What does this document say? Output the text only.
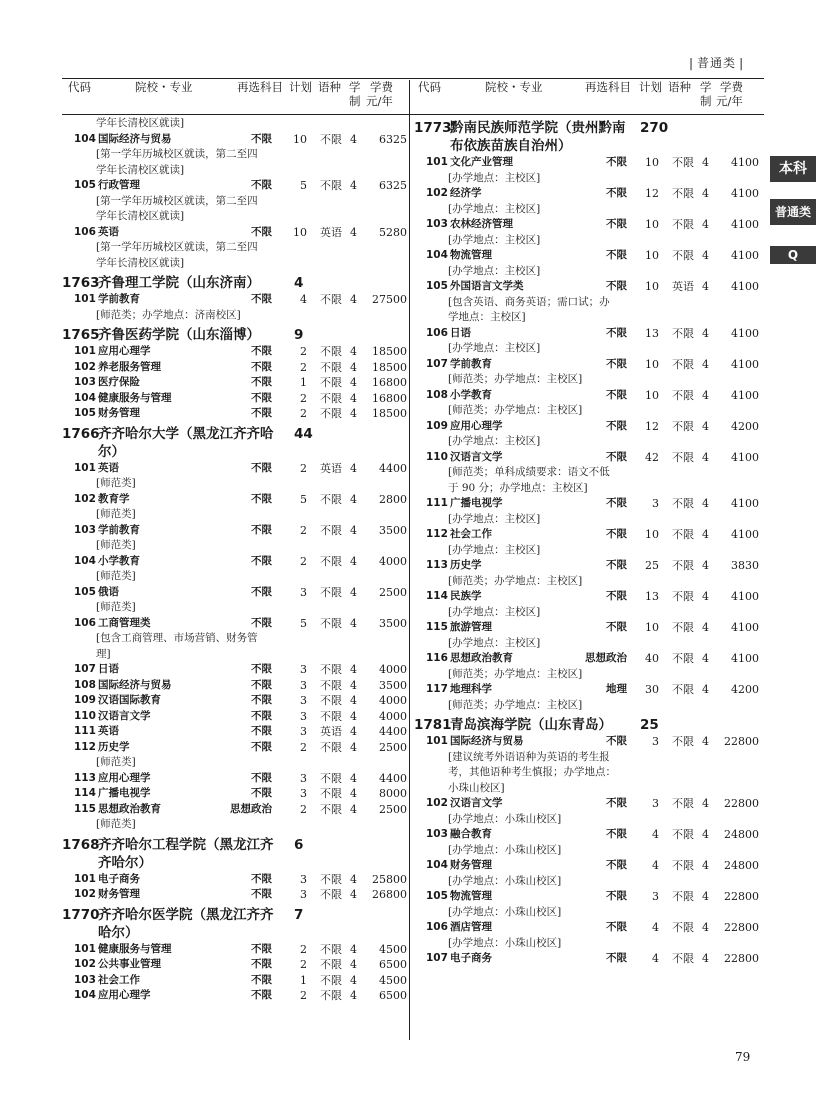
| 普通类 |
代码	院校・专业	再选科目 计划 语种 学
制
学费
元/年
代码	院校・专业	再选科目 计划 语种 学
制
学费
元/年
学年长清校区就读]
104 国际经济与贸易	不限	10 不限 4	6325
[第一学年历城校区就读，第二至四
学年长清校区就读]
105 行政管理	不限	5 不限 4	6325
[第一学年历城校区就读，第二至四
学年长清校区就读]
106 英语	不限	10 英语 4	5280
[第一学年历城校区就读，第二至四
学年长清校区就读]
1763
齐鲁理工学院（山东济南）	4
101 学前教育	不限	4 不限 4	27500
[师范类；办学地点：济南校区]
1765
齐鲁医药学院（山东淄博）	9
101 应用心理学	不限	2 不限 4	18500
102 养老服务管理	不限	2 不限 4	18500
103 医疗保险	不限	1 不限 4	16800
104 健康服务与管理	不限	2 不限 4	16800
105 财务管理	不限	2 不限 4	18500
1766
齐齐哈尔大学（黑龙江齐齐哈
尔）
44
101 英语	不限	2 英语 4	4400
[师范类]
102 教育学	不限	5 不限 4	2800
[师范类]
103 学前教育	不限	2 不限 4	3500
[师范类]
104 小学教育	不限	2 不限 4	4000
[师范类]
105 俄语	不限	3 不限 4	2500
[师范类]
106 工商管理类	不限	5 不限 4	3500
[包含工商管理、市场营销、财务管
理]
107 日语	不限	3 不限 4	4000
108 国际经济与贸易	不限	3 不限 4	3500
109 汉语国际教育	不限	3 不限 4	4000
110 汉语言文学	不限	3 不限 4	4000
111 英语	不限	3 英语 4	4400
112 历史学	不限	2 不限 4	2500
[师范类]
113 应用心理学	不限	3 不限 4	4400
114 广播电视学	不限	3 不限 4	8000
115 思想政治教育	思想政治	2 不限 4	2500
[师范类]
1768
齐齐哈尔工程学院（黑龙江齐
齐哈尔）
6
101 电子商务	不限	3 不限 4	25800
102 财务管理	不限	3 不限 4	26800
1770
齐齐哈尔医学院（黑龙江齐齐
哈尔）
7
101 健康服务与管理	不限	2 不限 4	4500
102 公共事业管理	不限	2 不限 4	6500
103 社会工作	不限	1 不限 4	4500
104 应用心理学	不限	2 不限 4	6500
1773
黔南民族师范学院（贵州黔南
布依族苗族自治州）
270
101 文化产业管理	不限	10 不限 4	4100
[办学地点：主校区]
102 经济学	不限	12 不限 4	4100
[办学地点：主校区]
103 农林经济管理	不限	10 不限 4	4100
[办学地点：主校区]
104 物流管理	不限	10 不限 4	4100
[办学地点：主校区]
105 外国语言文学类	不限	10 英语 4	4100
[包含英语、商务英语；需口试；办
学地点：主校区]
106 日语	不限	13 不限 4	4100
[办学地点：主校区]
107 学前教育	不限	10 不限 4	4100
[师范类；办学地点：主校区]
108 小学教育	不限	10 不限 4	4100
[师范类；办学地点：主校区]
109 应用心理学	不限	12 不限 4	4200
[办学地点：主校区]
110 汉语言文学	不限	42 不限 4	4100
[师范类；单科成绩要求：语文不低
于 90 分；办学地点：主校区]
111 广播电视学	不限	3 不限 4	4100
[办学地点：主校区]
112 社会工作	不限	10 不限 4	4100
[办学地点：主校区]
113 历史学	不限	25 不限 4	3830
[师范类；办学地点：主校区]
114 民族学	不限	13 不限 4	4100
[办学地点：主校区]
115 旅游管理	不限	10 不限 4	4100
[办学地点：主校区]
116 思想政治教育	思想政治	40 不限 4	4100
[师范类；办学地点：主校区]
117 地理科学	地理	30 不限 4	4200
[师范类；办学地点：主校区]
1781
青岛滨海学院（山东青岛）	25
101 国际经济与贸易	不限	3 不限 4	22800
[建议统考外语语种为英语的考生报
考，其他语种考生慎报；办学地点：
小珠山校区]
102 汉语言文学	不限	3 不限 4	22800
[办学地点：小珠山校区]
103 融合教育	不限	4 不限 4	24800
[办学地点：小珠山校区]
104 财务管理	不限	4 不限 4	24800
[办学地点：小珠山校区]
105 物流管理	不限	3 不限 4	22800
[办学地点：小珠山校区]
106 酒店管理	不限	4 不限 4	22800
[办学地点：小珠山校区]
107 电子商务	不限	4 不限 4	22800
本科
普通类
Q
79
